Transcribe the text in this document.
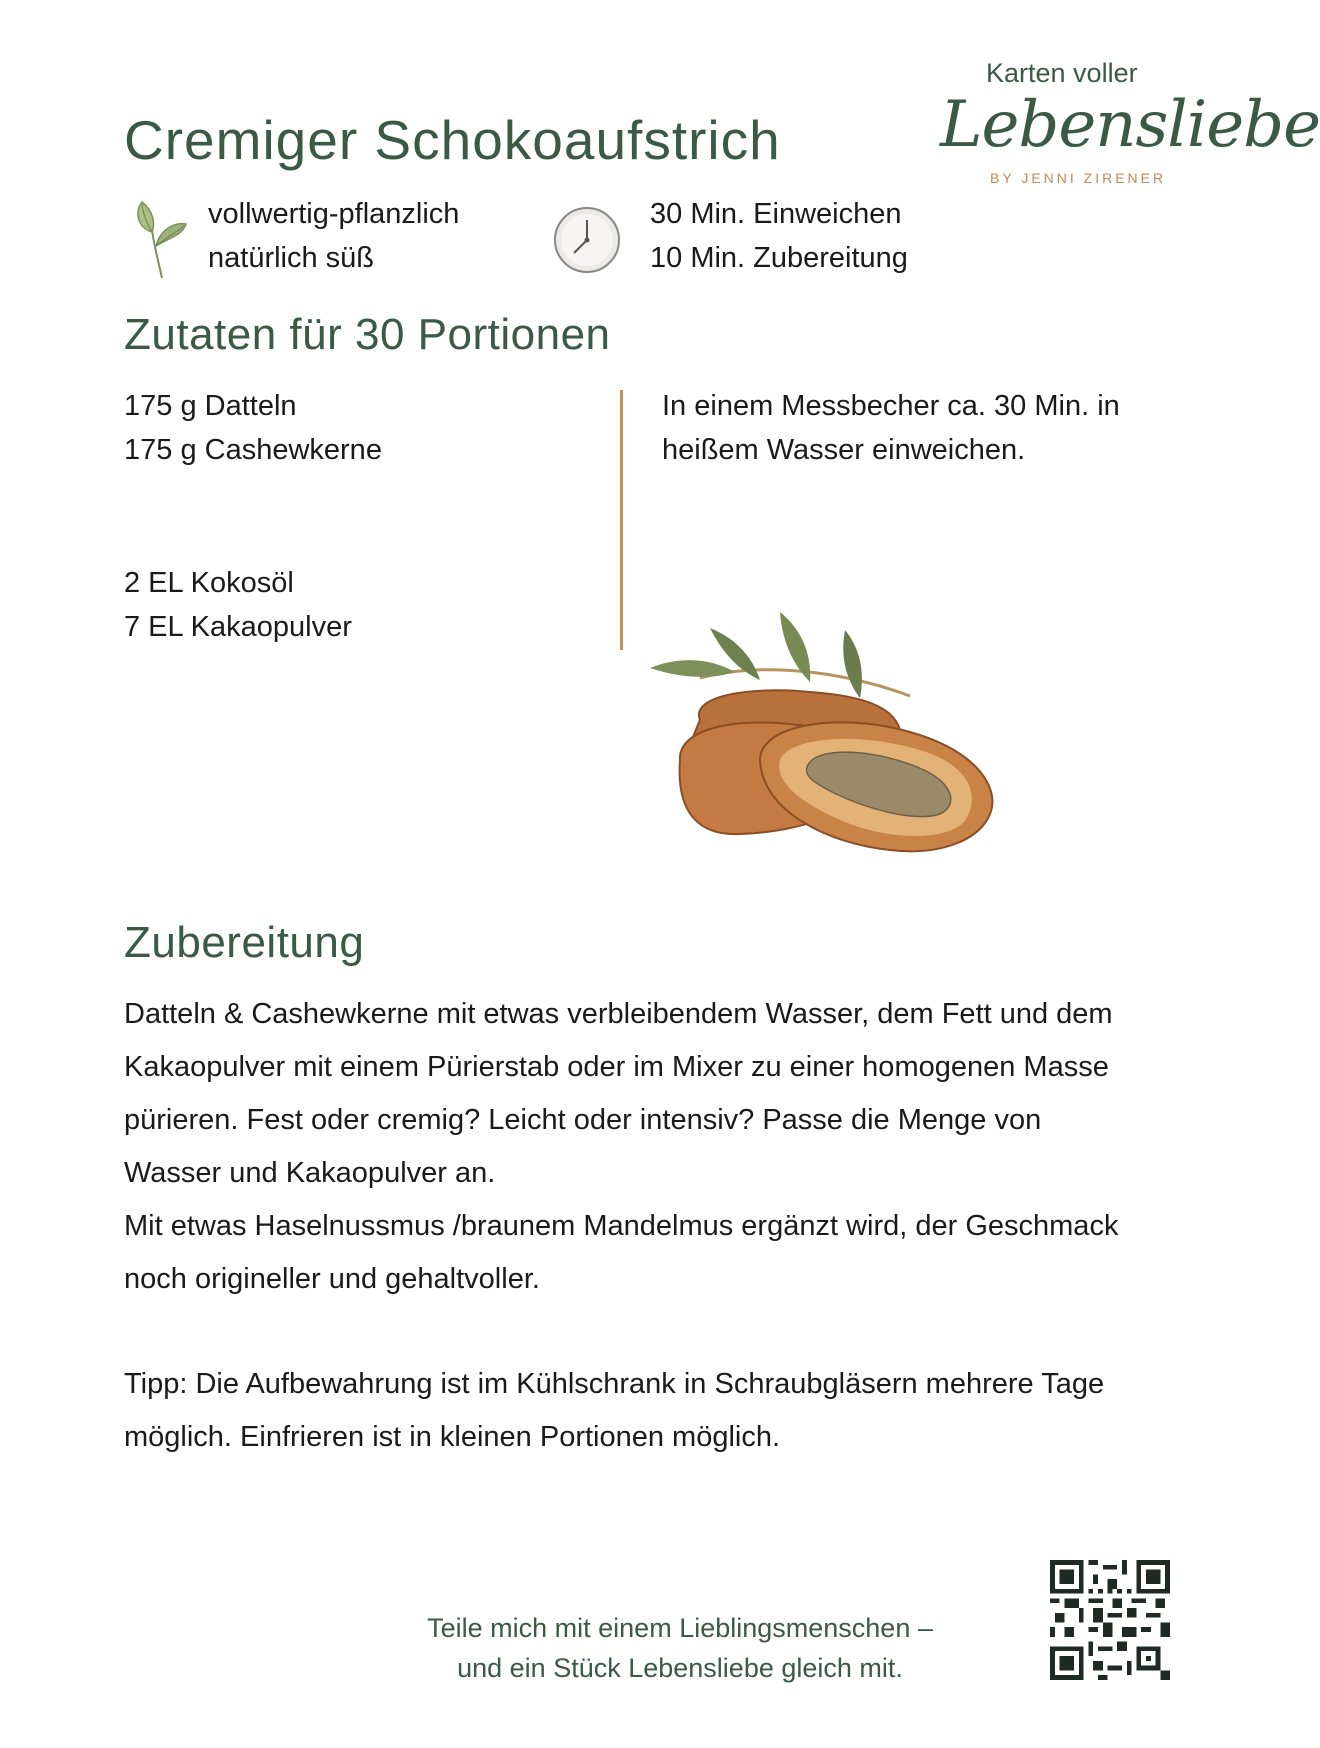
Cremiger Schokoaufstrich
Karten voller
Lebensliebe
BY JENNI ZIRENER
vollwertig-pflanzlich
natürlich süß
30 Min. Einweichen
10 Min. Zubereitung
Zutaten für 30 Portionen
175 g Datteln
175 g Cashewkerne
2 EL Kokosöl
7 EL Kakaopulver
In einem Messbecher ca. 30 Min. in heißem Wasser einweichen.
Zubereitung

Datteln & Cashewkerne mit etwas verbleibendem Wasser, dem Fett und dem Kakaopulver mit einem Pürierstab oder im Mixer zu einer homogenen Masse pürieren. Fest oder cremig? Leicht oder intensiv? Passe die Menge von Wasser und Kakaopulver an.

Mit etwas Haselnussmus /braunem Mandelmus ergänzt wird, der Geschmack noch origineller und gehaltvoller.

Tipp: Die Aufbewahrung ist im Kühlschrank in Schraubgläsern mehrere Tage möglich. Einfrieren ist in kleinen Portionen möglich.
Teile mich mit einem Lieblingsmenschen –
und ein Stück Lebensliebe gleich mit.
